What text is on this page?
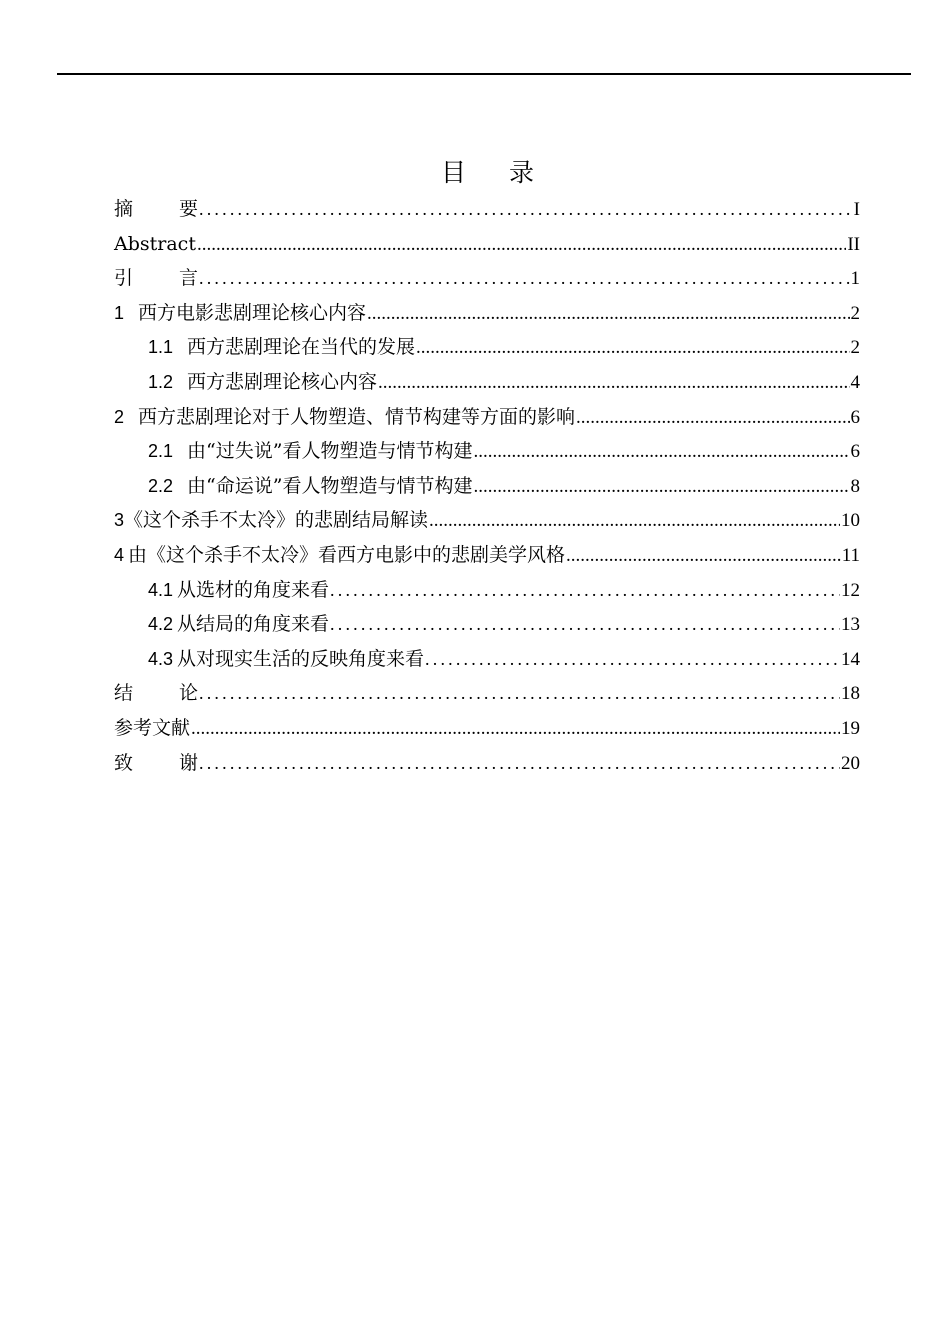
目 录
摘 要 .....	I
Abstract .....	II
引 言 .....	1
1 西方电影悲剧理论核心内容 .....	2
1.1 西方悲剧理论在当代的发展 .....	2
1.2 西方悲剧理论核心内容 .....	4
2 西方悲剧理论对于人物塑造、情节构建等方面的影响 .....	6
2.1 由“过失说”看人物塑造与情节构建 .....	6
2.2 由“命运说”看人物塑造与情节构建 .....	8
3《这个杀手不太冷》的悲剧结局解读 .....	10
4 由《这个杀手不太冷》看西方电影中的悲剧美学风格 .....	11
4.1 从选材的角度来看 .....	12
4.2 从结局的角度来看 .....	13
4.3 从对现实生活的反映角度来看 .....	14
结 论 .....	18
参考文献 .....	19
致 谢 .....	20
